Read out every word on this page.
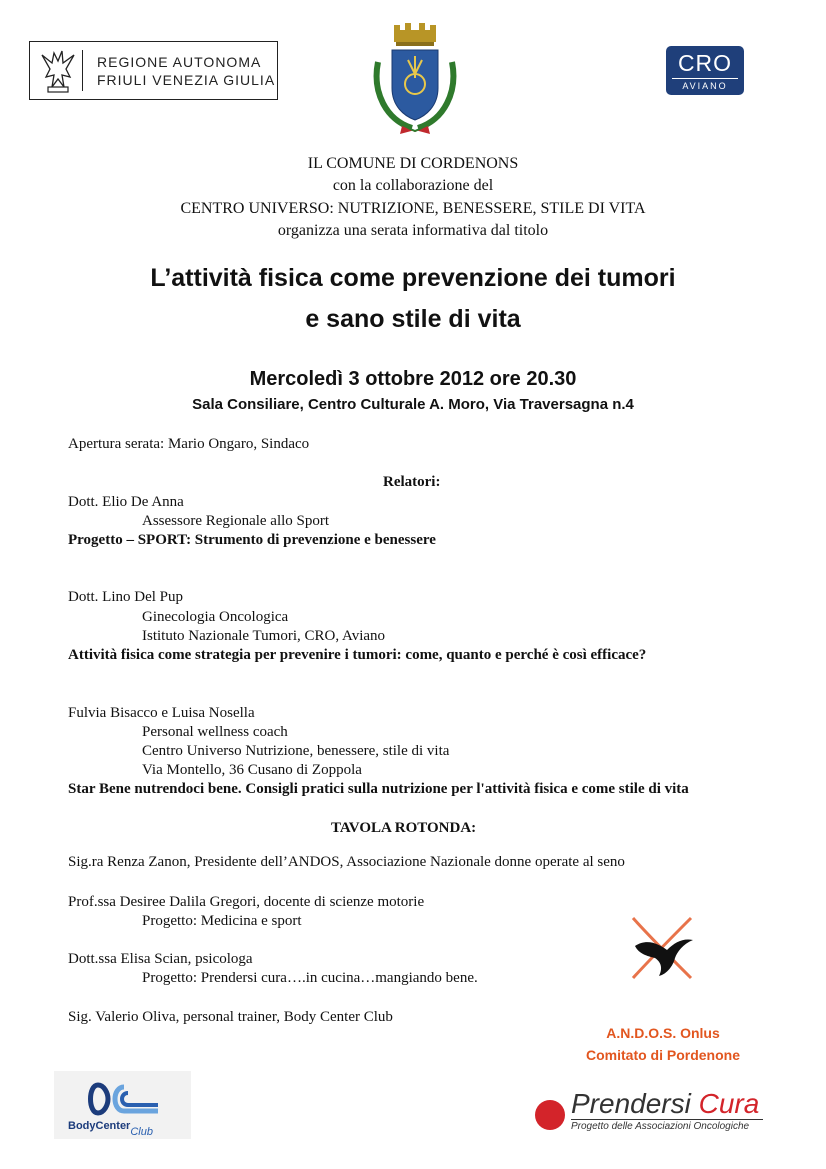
REGIONE AUTONOMA
FRIULI VENEZIA GIULIA
CRO
AVIANO
IL COMUNE DI CORDENONS
con la collaborazione del
CENTRO UNIVERSO: NUTRIZIONE, BENESSERE, STILE DI VITA
organizza una serata informativa dal titolo
L’attività fisica come prevenzione dei tumori
e sano stile di vita
Mercoledì 3 ottobre 2012 ore 20.30
Sala Consiliare, Centro Culturale A. Moro, Via Traversagna n.4
Apertura serata: Mario Ongaro, Sindaco
Relatori:
Dott. Elio De Anna
Assessore Regionale allo Sport
Progetto – SPORT: Strumento di prevenzione e benessere
Dott. Lino Del Pup
Ginecologia Oncologica
Istituto Nazionale Tumori, CRO, Aviano
Attività fisica come strategia per prevenire i tumori: come, quanto e perché è così efficace?
Fulvia Bisacco e Luisa Nosella
Personal wellness coach
Centro Universo Nutrizione, benessere, stile di vita
Via Montello, 36 Cusano di Zoppola
Star Bene nutrendoci bene. Consigli pratici sulla nutrizione per l'attività fisica e come stile di vita
TAVOLA ROTONDA:
Sig.ra Renza Zanon, Presidente dell’ANDOS, Associazione Nazionale donne operate al seno
Prof.ssa Desiree Dalila Gregori, docente di scienze motorie
Progetto: Medicina e sport
Dott.ssa Elisa Scian, psicologa
Progetto: Prendersi cura….in cucina…mangiando bene.
Sig. Valerio Oliva, personal trainer, Body Center Club
A.N.D.O.S. Onlus
Comitato di Pordenone
BodyCenterClub
Prendersi Cura
Progetto delle Associazioni Oncologiche
